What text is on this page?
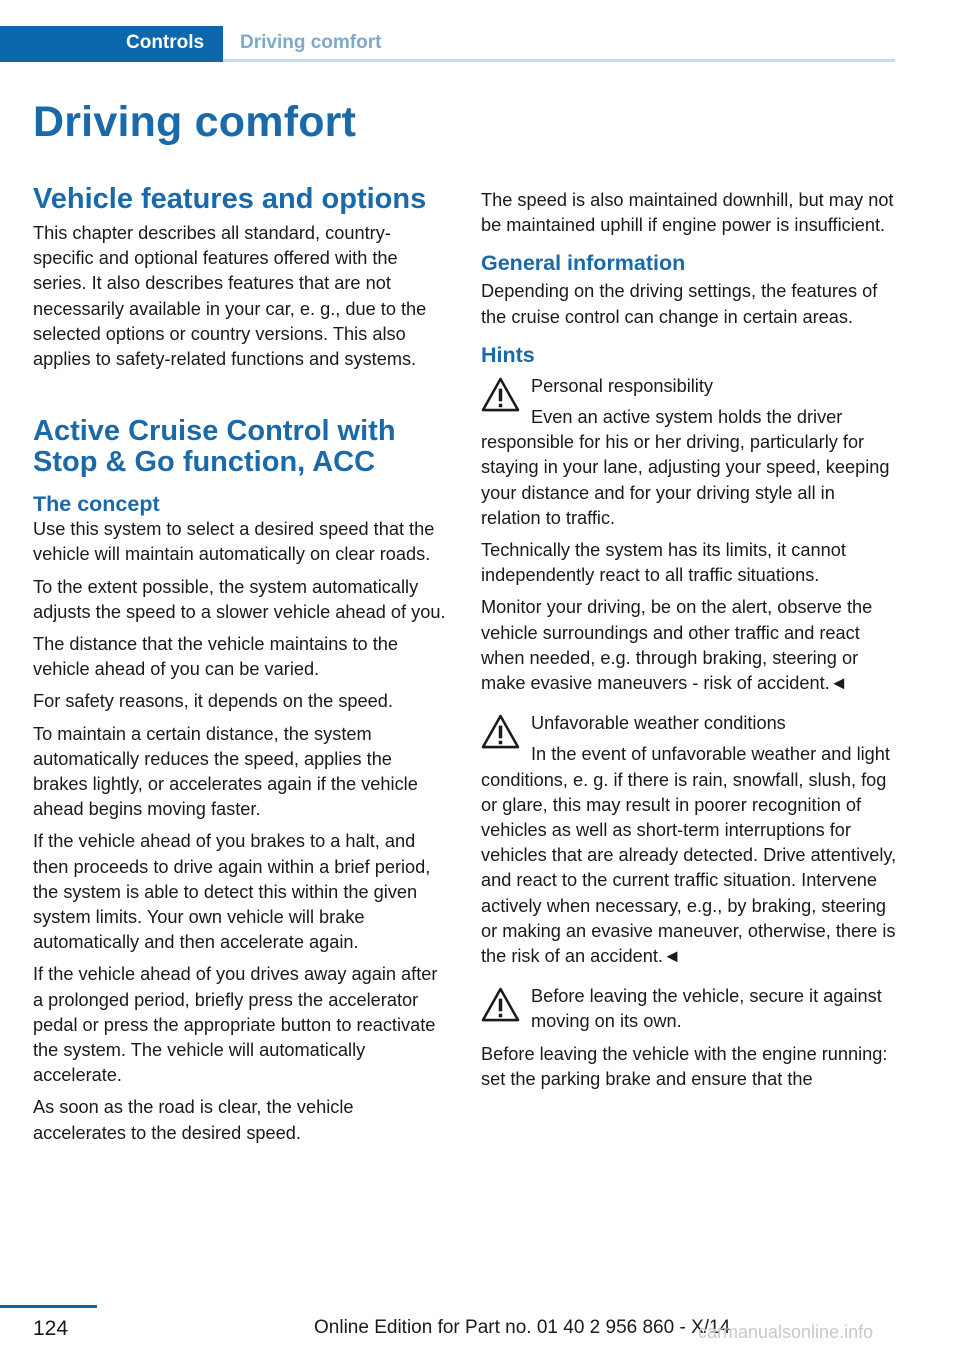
Controls	Driving comfort
Driving comfort
Vehicle features and options
This chapter describes all standard, country-specific and optional features offered with the series. It also describes features that are not necessarily available in your car, e. g., due to the selected options or country versions. This also applies to safety-related functions and systems.
Active Cruise Control with Stop & Go function, ACC
The concept
Use this system to select a desired speed that the vehicle will maintain automatically on clear roads.
To the extent possible, the system automatically adjusts the speed to a slower vehicle ahead of you.
The distance that the vehicle maintains to the vehicle ahead of you can be varied.
For safety reasons, it depends on the speed.
To maintain a certain distance, the system automatically reduces the speed, applies the brakes lightly, or accelerates again if the vehicle ahead begins moving faster.
If the vehicle ahead of you brakes to a halt, and then proceeds to drive again within a brief period, the system is able to detect this within the given system limits. Your own vehicle will brake automatically and then accelerate again.
If the vehicle ahead of you drives away again after a prolonged period, briefly press the accelerator pedal or press the appropriate button to reactivate the system. The vehicle will automatically accelerate.
As soon as the road is clear, the vehicle accelerates to the desired speed.
The speed is also maintained downhill, but may not be maintained uphill if engine power is insufficient.
General information
Depending on the driving settings, the features of the cruise control can change in certain areas.
Hints
Personal responsibility
Even an active system holds the driver responsible for his or her driving, particularly for staying in your lane, adjusting your speed, keeping your distance and for your driving style all in relation to traffic.
Technically the system has its limits, it cannot independently react to all traffic situations.
Monitor your driving, be on the alert, observe the vehicle surroundings and other traffic and react when needed, e.g. through braking, steering or make evasive maneuvers - risk of accident.◄
Unfavorable weather conditions
In the event of unfavorable weather and light conditions, e. g. if there is rain, snowfall, slush, fog or glare, this may result in poorer recognition of vehicles as well as short-term interruptions for vehicles that are already detected. Drive attentively, and react to the current traffic situation. Intervene actively when necessary, e.g., by braking, steering or making an evasive maneuver, otherwise, there is the risk of an accident.◄
Before leaving the vehicle, secure it against moving on its own.
Before leaving the vehicle with the engine running: set the parking brake and ensure that the
124	Online Edition for Part no. 01 40 2 956 860 - X/14
carmanualsonline.info
